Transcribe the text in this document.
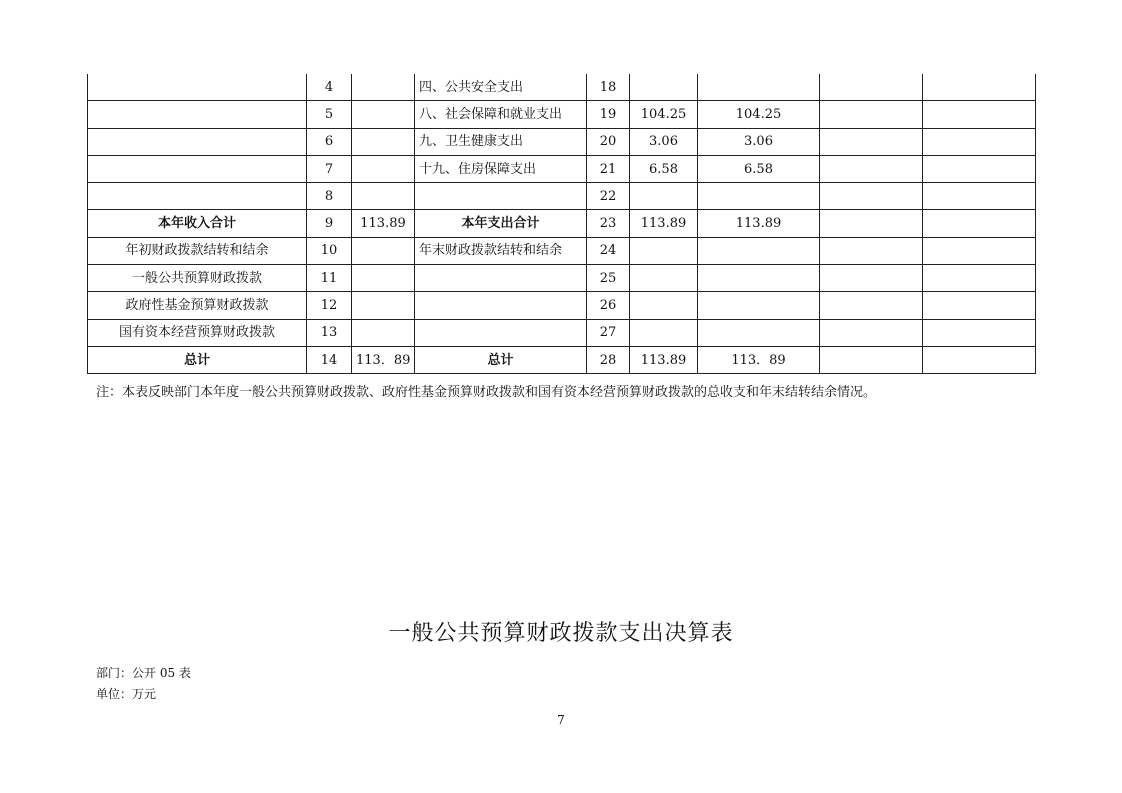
	4		四、公共安全支出	18				
	5		八、社会保障和就业支出	19	104.25	104.25		
	6		九、卫生健康支出	20	3.06	3.06		
	7		十九、住房保障支出	21	6.58	6.58		
	8			22				
本年收入合计	9	113.89	本年支出合计	23	113.89	113.89		
年初财政拨款结转和结余	10		年末财政拨款结转和结余	24				
一般公共预算财政拨款	11			25				
政府性基金预算财政拨款	12			26				
国有资本经营预算财政拨款	13			27				
总计	14	113．89	总计	28	113.89	113．89		
注：本表反映部门本年度一般公共预算财政拨款、政府性基金预算财政拨款和国有资本经营预算财政拨款的总收支和年末结转结余情况。
一般公共预算财政拨款支出决算表
部门：公开 05 表
单位：万元
7
